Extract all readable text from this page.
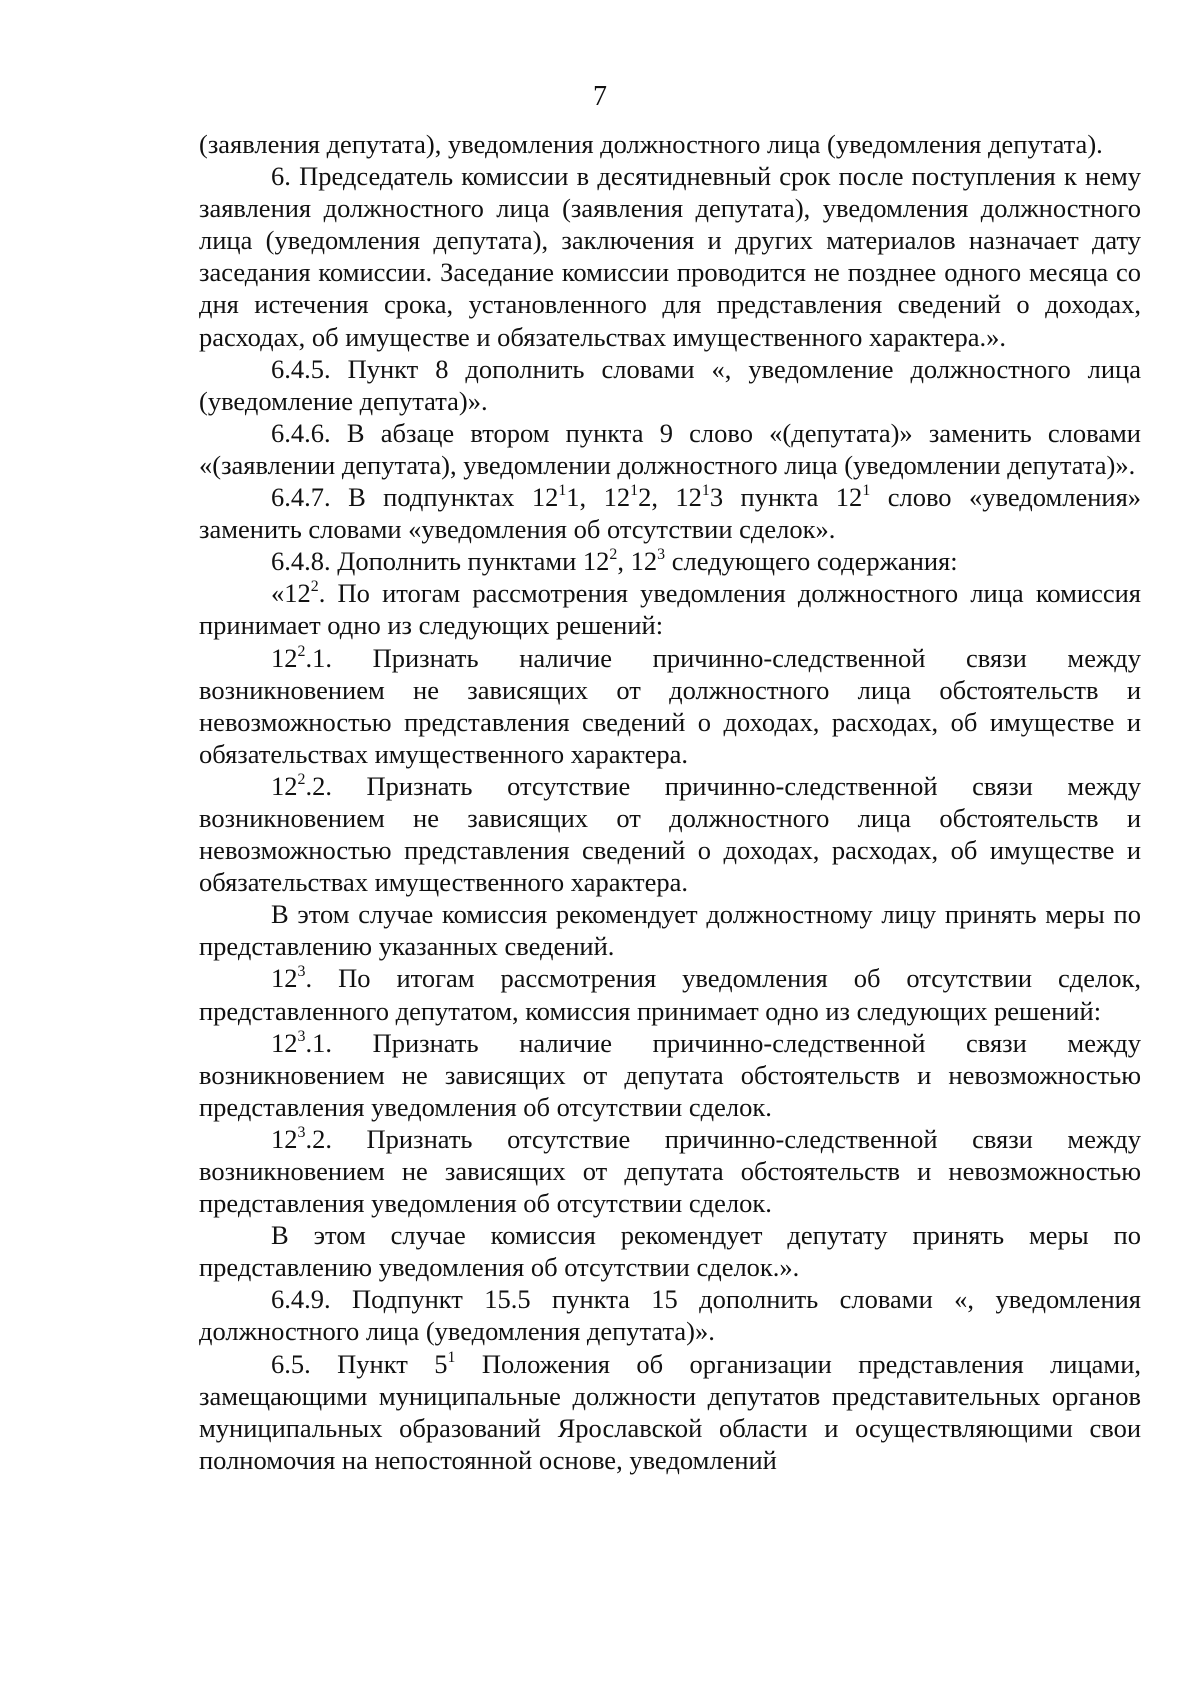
7

(заявления депутата), уведомления должностного лица (уведомления депутата).

6. Председатель комиссии в десятидневный срок после поступления к нему заявления должностного лица (заявления депутата), уведомления должностного лица (уведомления депутата), заключения и других материалов назначает дату заседания комиссии. Заседание комиссии проводится не позднее одного месяца со дня истечения срока, установленного для представления сведений о доходах, расходах, об имуществе и обязательствах имущественного характера.».

6.4.5. Пункт 8 дополнить словами «, уведомление должностного лица (уведомление депутата)».

6.4.6. В абзаце втором пункта 9 слово «(депутата)» заменить словами «(заявлении депутата), уведомлении должностного лица (уведомлении депутата)».

6.4.7. В подпунктах $12^11$, $12^12$, $12^13$ пункта $12^1$ слово «уведомления» заменить словами «уведомления об отсутствии сделок».

6.4.8. Дополнить пунктами $12^2$, $12^3$ следующего содержания:

«$12^2$. По итогам рассмотрения уведомления должностного лица комиссия принимает одно из следующих решений:

$12^2.1$. Признать наличие причинно-следственной связи между возникновением не зависящих от должностного лица обстоятельств и невозможностью представления сведений о доходах, расходах, об имуществе и обязательствах имущественного характера.

$12^2.2$. Признать отсутствие причинно-следственной связи между возникновением не зависящих от должностного лица обстоятельств и невозможностью представления сведений о доходах, расходах, об имуществе и обязательствах имущественного характера.

В этом случае комиссия рекомендует должностному лицу принять меры по представлению указанных сведений.

$12^3$. По итогам рассмотрения уведомления об отсутствии сделок, представленного депутатом, комиссия принимает одно из следующих решений:

$12^3.1$. Признать наличие причинно-следственной связи между возникновением не зависящих от депутата обстоятельств и невозможностью представления уведомления об отсутствии сделок.

$12^3.2$. Признать отсутствие причинно-следственной связи между возникновением не зависящих от депутата обстоятельств и невозможностью представления уведомления об отсутствии сделок.

В этом случае комиссия рекомендует депутату принять меры по представлению уведомления об отсутствии сделок.».

6.4.9. Подпункт 15.5 пункта 15 дополнить словами «, уведомления должностного лица (уведомления депутата)».

6.5. Пункт $5^1$ Положения об организации представления лицами, замещающими муниципальные должности депутатов представительных органов муниципальных образований Ярославской области и осуществляющими свои полномочия на непостоянной основе, уведомлений
